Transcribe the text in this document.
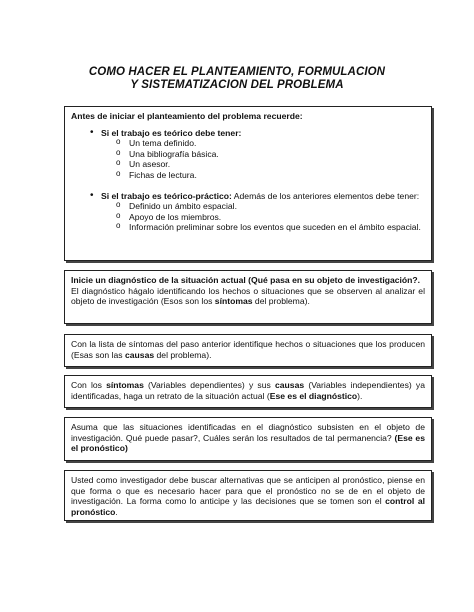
COMO HACER EL PLANTEAMIENTO, FORMULACION
Y SISTEMATIZACION DEL PROBLEMA

Antes de iniciar el planteamiento del problema recuerde:

• Si el trabajo es teórico debe tener:
o Un tema definido.
o Una bibliografía básica.
o Un asesor.
o Fichas de lectura.
• Si el trabajo es teórico-práctico: Además de los anteriores elementos debe tener:
o Definido un ámbito espacial.
o Apoyo de los miembros.
o Información preliminar sobre los eventos que suceden en el ámbito espacial.

Inicie un diagnóstico de la situación actual (Qué pasa en su objeto de investigación?.

El diagnóstico hágalo identificando los hechos o situaciones que se observen al analizar el objeto de investigación (Esos son los síntomas del problema).

Con la lista de síntomas del paso anterior identifique hechos o situaciones que los producen (Esas son las causas del problema).

Con los síntomas (Variables dependientes) y sus causas (Variables independientes) ya identificadas, haga un retrato de la situación actual (Ese es el diagnóstico).

Asuma que las situaciones identificadas en el diagnóstico subsisten en el objeto de investigación. Qué puede pasar?, Cuáles serán los resultados de tal permanencia? (Ese es el pronóstico)

Usted como investigador debe buscar alternativas que se anticipen al pronóstico, piense en que forma o que es necesario hacer para que el pronóstico no se de en el objeto de investigación. La forma como lo anticipe y las decisiones que se tomen son el control al pronóstico.
